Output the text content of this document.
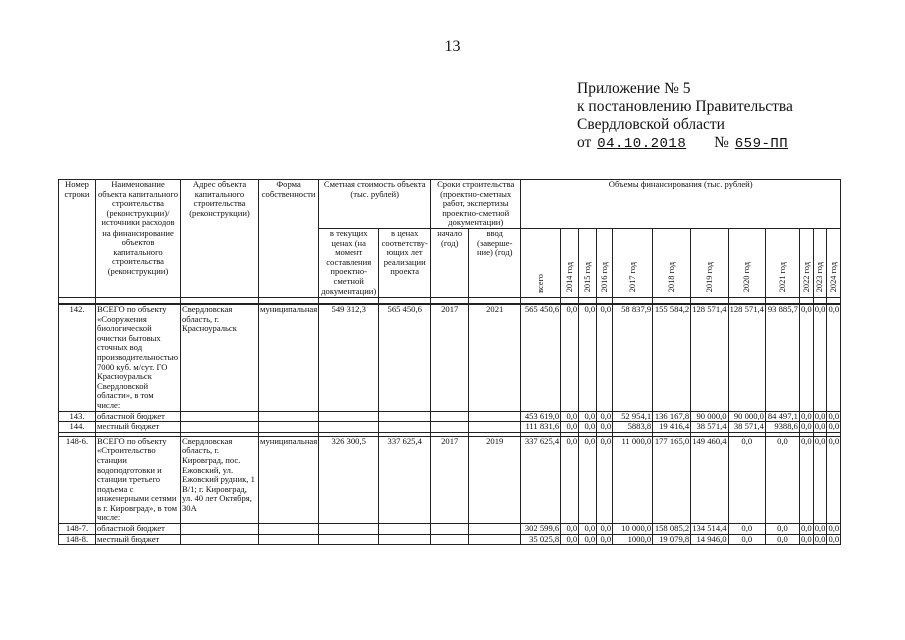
13
Приложение № 5
к постановлению Правительства
Свердловской области
от 04.10.2018 № 659-ПП
Номер строки	Наименование объекта капитального строительства (реконструкции)/ источники расходов	Адрес объекта капитального строительства (реконструкции)	Форма собственности	Сметная стоимость объекта (тыс. рублей)		Сроки строительства (проектно-сметных работ, экспертизы проектно-сметной документации)		Объемы финансирования (тыс. рублей)											
	на финансирование объектов капитального строительства (реконструкции)			в текущих ценах (на момент составления проектно-сметной документации)	в ценах соответству-ющих лет реализации проекта	начало (год)	ввод (заверше-ние) (год)	всего	2014 год	2015 год	2016 год	2017 год	2018 год	2019 год	2020 год	2021 год	2022 год	2023 год	2024 год

142.	ВСЕГО по объекту «Сооружения биологической очистки бытовых сточных вод производительностью 7000 куб. м/сут. ГО Красноуральск Свердловской области», в том числе:	Свердловская область, г. Красноуральск	муниципальная	549 312,3	565 450,6	2017	2021	565 450,6	0,0	0,0	0,0	58 837,9	155 584,2	128 571,4	128 571,4	93 885,7	0,0	0,0	0,0
143.	областной бюджет							453 619,0	0,0	0,0	0,0	52 954,1	136 167,8	90 000,0	90 000,0	84 497,1	0,0	0,0	0,0
144.	местный бюджет							111 831,6	0,0	0,0	0,0	5883,8	19 416,4	38 571,4	38 571,4	9388,6	0,0	0,0	0,0

148-6.	ВСЕГО по объекту «Строительство станции водоподготовки и станции третьего подъема с инженерными сетями в г. Кировград», в том числе:	Свердловская область, г. Кировград, пос. Ежовский, ул. Ежовский рудник, 1 В/1; г. Кировград, ул. 40 лет Октября, 30А	муниципальная	326 300,5	337 625,4	2017	2019	337 625,4	0,0	0,0	0,0	11 000,0	177 165,0	149 460,4	0,0	0,0	0,0	0,0	0,0
148-7.	областной бюджет							302 599,6	0,0	0,0	0,0	10 000,0	158 085,2	134 514,4	0,0	0,0	0,0	0,0	0,0
148-8.	местный бюджет							35 025,8	0,0	0,0	0,0	1000,0	19 079,8	14 946,0	0,0	0,0	0,0	0,0	0,0
